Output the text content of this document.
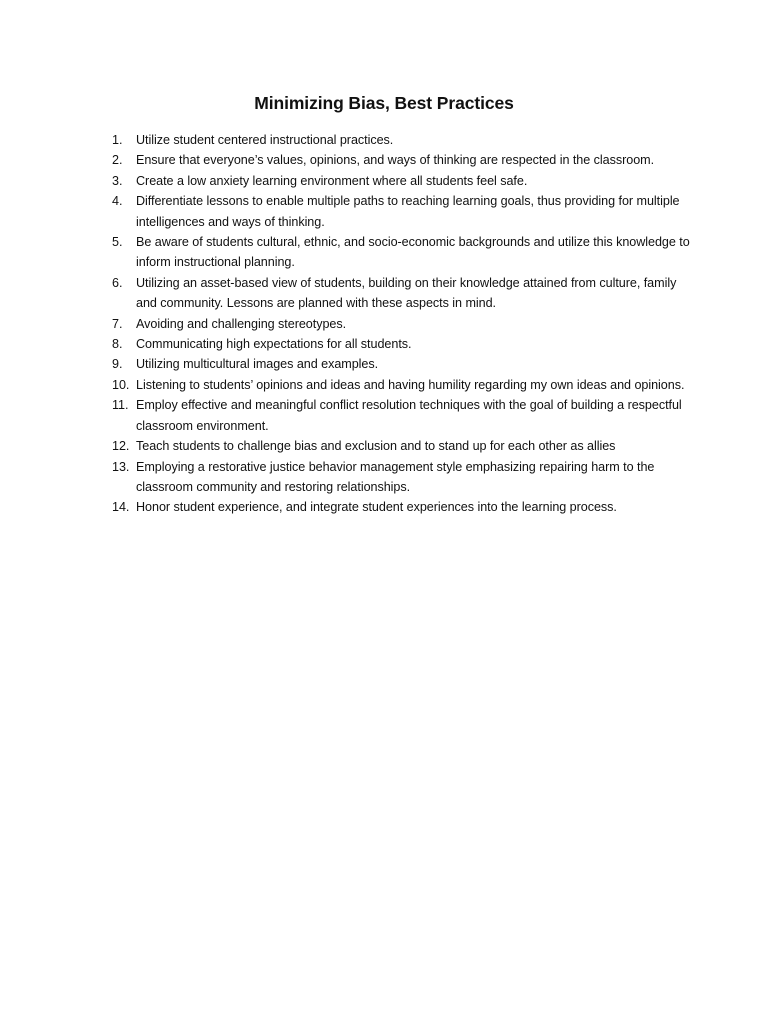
Minimizing Bias, Best Practices
1.	Utilize student centered instructional practices.
2.	Ensure that everyone’s values, opinions, and ways of thinking are respected in the classroom.
3.	Create a low anxiety learning environment where all students feel safe.
4.	Differentiate lessons to enable multiple paths to reaching learning goals, thus providing for multiple intelligences and ways of thinking.
5.	Be aware of students cultural, ethnic, and socio-economic backgrounds and utilize this knowledge to inform instructional planning.
6.	Utilizing an asset-based view of students, building on their knowledge attained from culture, family and community. Lessons are planned with these aspects in mind.
7.	Avoiding and challenging stereotypes.
8.	Communicating high expectations for all students.
9.	Utilizing multicultural images and examples.
10. Listening to students’ opinions and ideas and having humility regarding my own ideas and opinions.
11. Employ effective and meaningful conflict resolution techniques with the goal of building a respectful classroom environment.
12. Teach students to challenge bias and exclusion and to stand up for each other as allies
13. Employing a restorative justice behavior management style emphasizing repairing harm to the classroom community and restoring relationships.
14. Honor student experience, and integrate student experiences into the learning process.
